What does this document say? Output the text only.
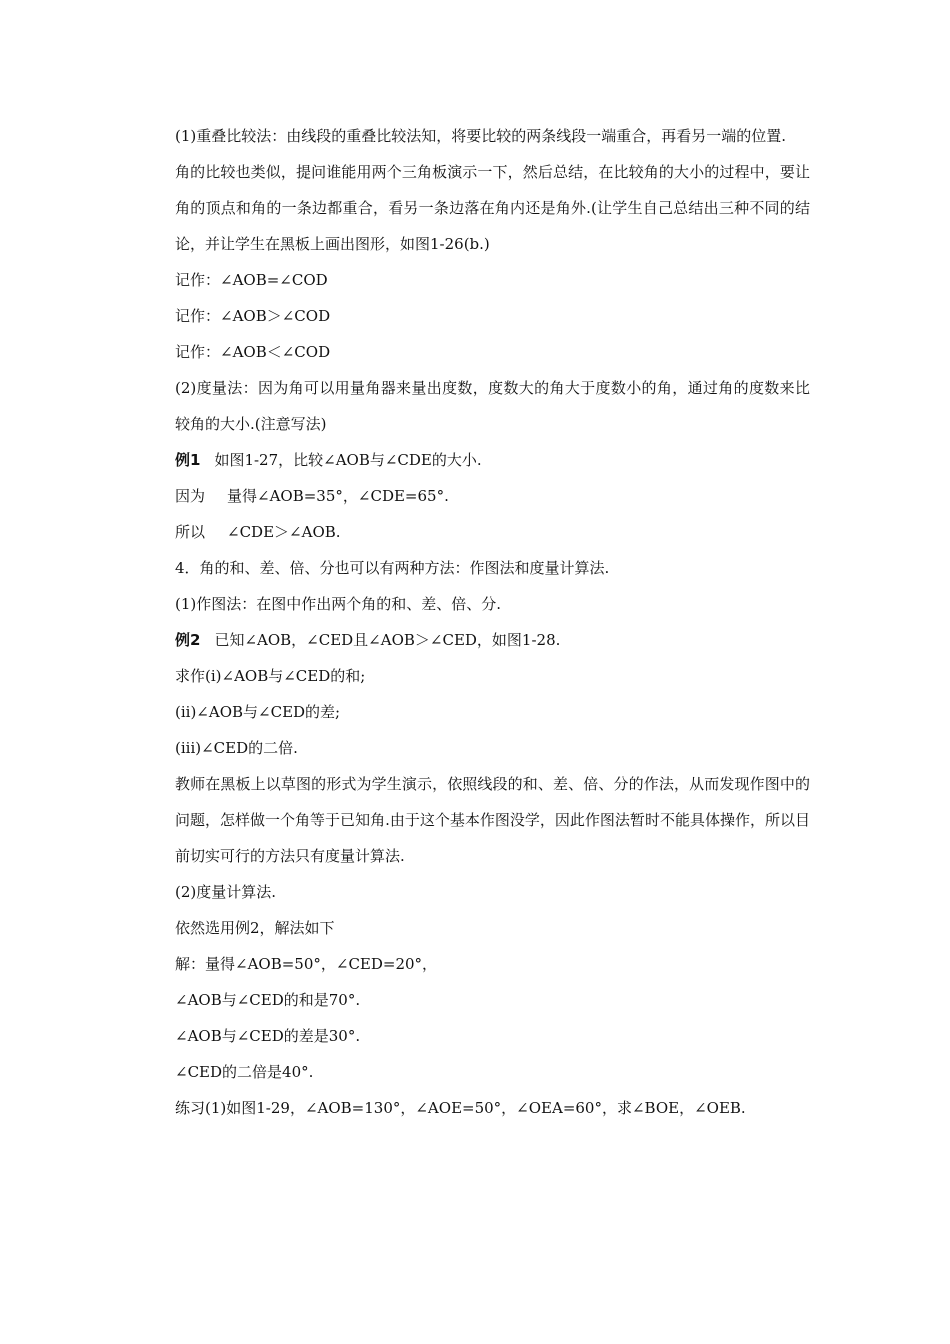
(1)重叠比较法：由线段的重叠比较法知，将要比较的两条线段一端重合，再看另一端的位置.

角的比较也类似，提问谁能用两个三角板演示一下，然后总结，在比较角的大小的过程中，要让角的顶点和角的一条边都重合，看另一条边落在角内还是角外.(让学生自己总结出三种不同的结论，并让学生在黑板上画出图形，如图1-26(b.)

记作：∠AOB=∠COD

记作：∠AOB＞∠COD

记作：∠AOB＜∠COD

(2)度量法：因为角可以用量角器来量出度数，度数大的角大于度数小的角，通过角的度数来比较角的大小.(注意写法)

例1 如图1-27，比较∠AOB与∠CDE的大小.

因为 量得∠AOB=35°，∠CDE=65°.

所以 ∠CDE＞∠AOB.

4．角的和、差、倍、分也可以有两种方法：作图法和度量计算法.

(1)作图法：在图中作出两个角的和、差、倍、分.

例2 已知∠AOB，∠CED且∠AOB＞∠CED，如图1-28.

求作(i)∠AOB与∠CED的和;

(ii)∠AOB与∠CED的差;

(iii)∠CED的二倍.

教师在黑板上以草图的形式为学生演示，依照线段的和、差、倍、分的作法，从而发现作图中的问题，怎样做一个角等于已知角.由于这个基本作图没学，因此作图法暂时不能具体操作，所以目前切实可行的方法只有度量计算法.

(2)度量计算法.

依然选用例2，解法如下

解：量得∠AOB=50°，∠CED=20°，

∠AOB与∠CED的和是70°.

∠AOB与∠CED的差是30°.

∠CED的二倍是40°.

练习(1)如图1-29，∠AOB=130°，∠AOE=50°，∠OEA=60°，求∠BOE，∠OEB.
